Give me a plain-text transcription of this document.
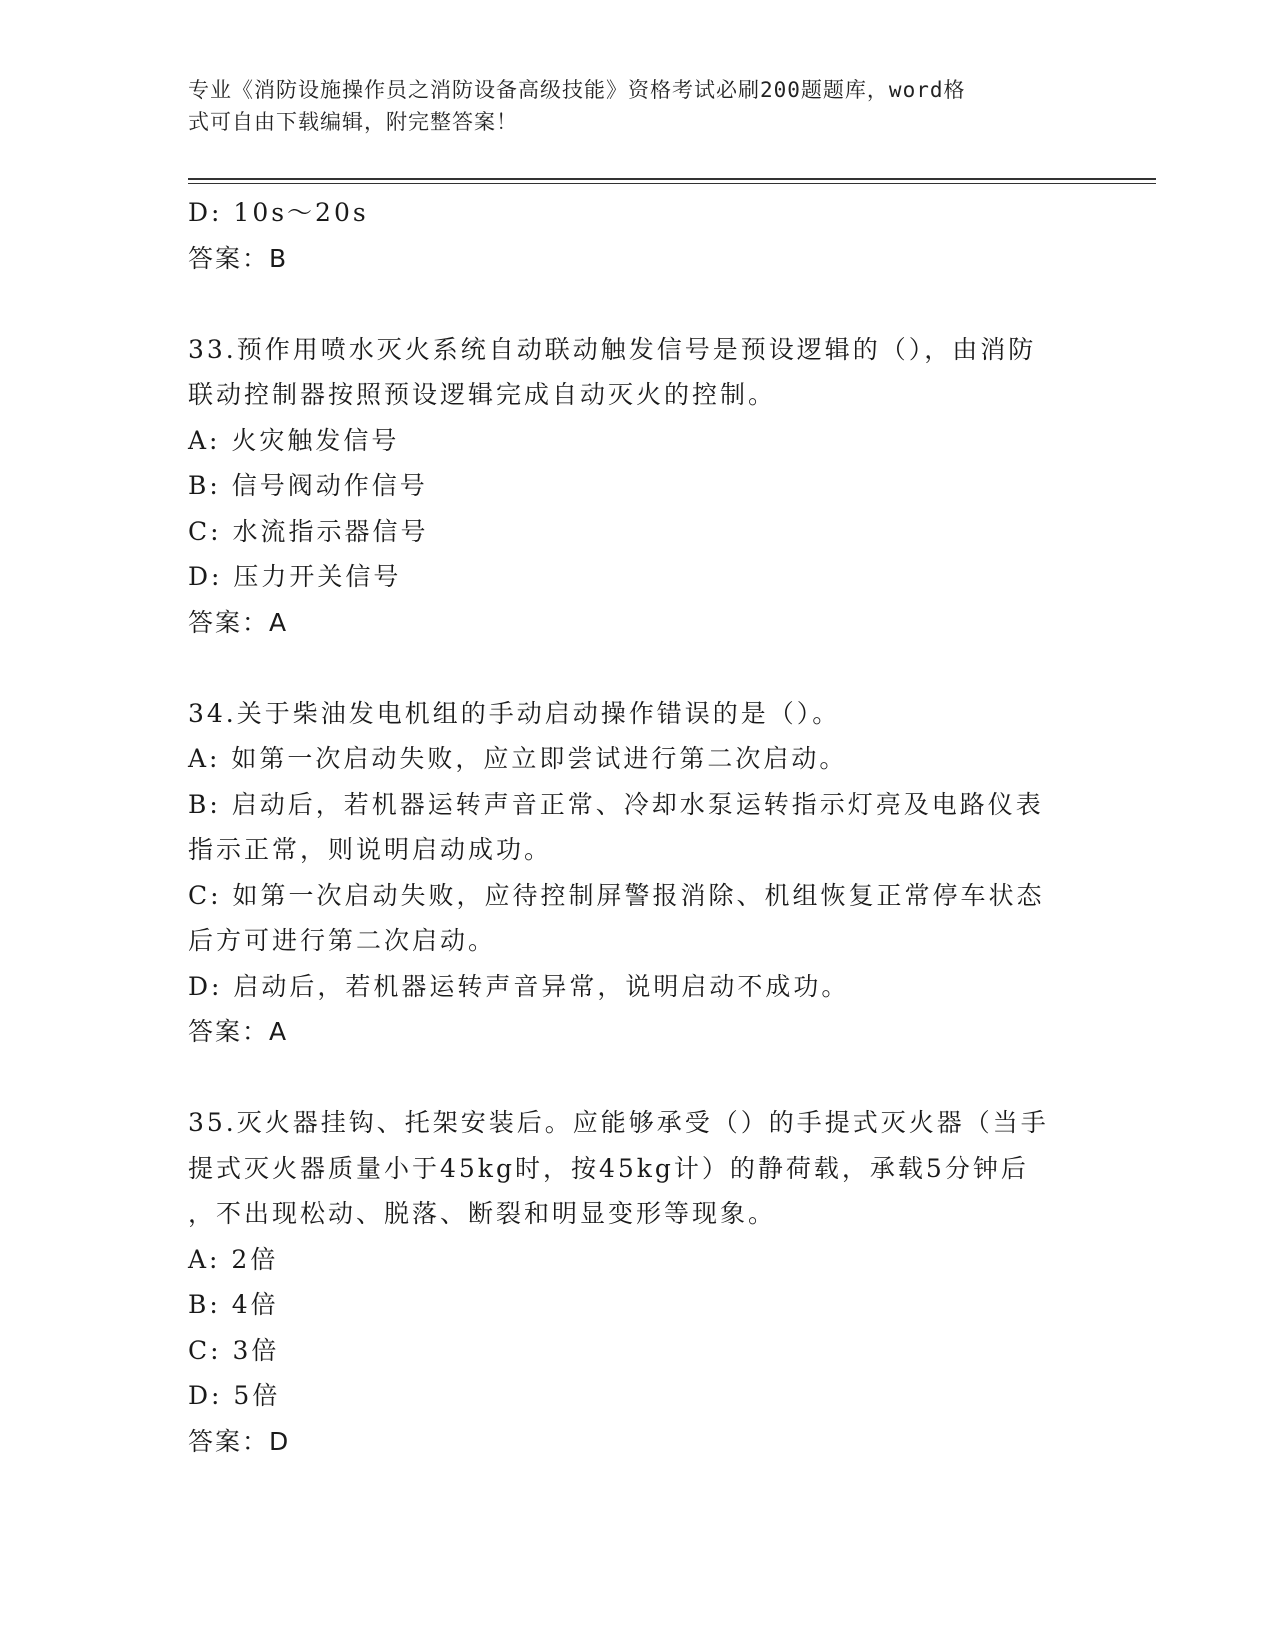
专业《消防设施操作员之消防设备高级技能》资格考试必刷200题题库，word格
式可自由下载编辑，附完整答案！
D: 10s～20s
答案：B
33.预作用喷水灭火系统自动联动触发信号是预设逻辑的（），由消防
联动控制器按照预设逻辑完成自动灭火的控制。
A: 火灾触发信号
B: 信号阀动作信号
C: 水流指示器信号
D: 压力开关信号
答案：A
34.关于柴油发电机组的手动启动操作错误的是（）。
A: 如第一次启动失败，应立即尝试进行第二次启动。
B: 启动后，若机器运转声音正常、冷却水泵运转指示灯亮及电路仪表
指示正常，则说明启动成功。
C: 如第一次启动失败，应待控制屏警报消除、机组恢复正常停车状态
后方可进行第二次启动。
D: 启动后，若机器运转声音异常，说明启动不成功。
答案：A
35.灭火器挂钩、托架安装后。应能够承受（）的手提式灭火器（当手
提式灭火器质量小于45kg时，按45kg计）的静荷载，承载5分钟后
，不出现松动、脱落、断裂和明显变形等现象。
A: 2倍
B: 4倍
C: 3倍
D: 5倍
答案：D
